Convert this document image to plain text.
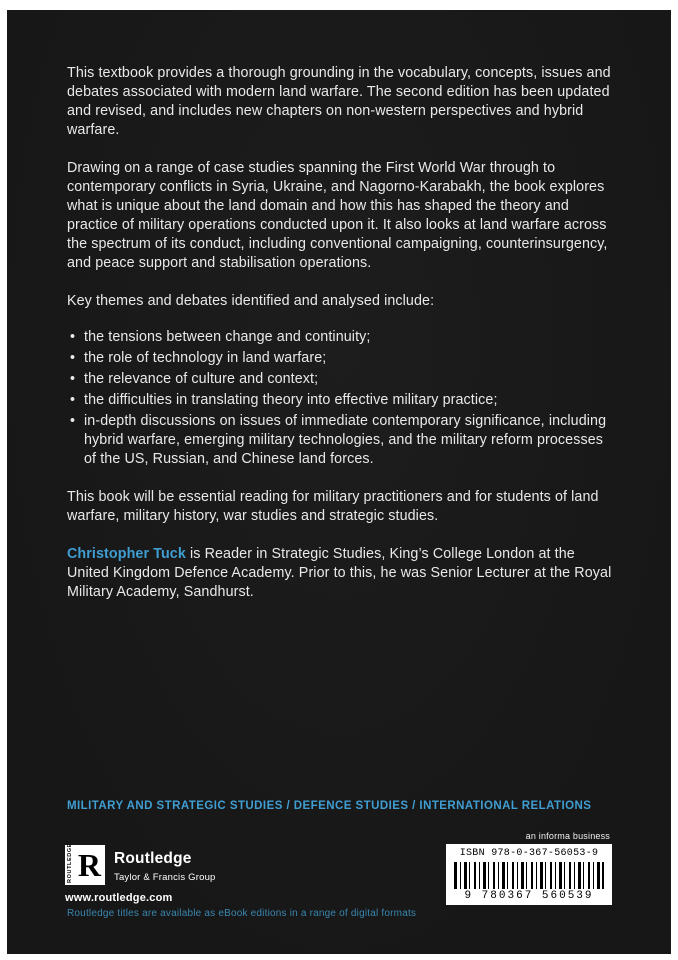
This textbook provides a thorough grounding in the vocabulary, concepts, issues and debates associated with modern land warfare. The second edition has been updated and revised, and includes new chapters on non-western perspectives and hybrid warfare.

Drawing on a range of case studies spanning the First World War through to contemporary conflicts in Syria, Ukraine, and Nagorno-Karabakh, the book explores what is unique about the land domain and how this has shaped the theory and practice of military operations conducted upon it. It also looks at land warfare across the spectrum of its conduct, including conventional campaigning, counterinsurgency, and peace support and stabilisation operations.

Key themes and debates identified and analysed include:

• the tensions between change and continuity;
• the role of technology in land warfare;
• the relevance of culture and context;
• the difficulties in translating theory into effective military practice;
• in-depth discussions on issues of immediate contemporary significance, including hybrid warfare, emerging military technologies, and the military reform processes of the US, Russian, and Chinese land forces.

This book will be essential reading for military practitioners and for students of land warfare, military history, war studies and strategic studies.

Christopher Tuck is Reader in Strategic Studies, King’s College London at the United Kingdom Defence Academy. Prior to this, he was Senior Lecturer at the Royal Military Academy, Sandhurst.

MILITARY AND STRATEGIC STUDIES / DEFENCE STUDIES / INTERNATIONAL RELATIONS
ROUTLEDGE R Routledge
Taylor & Francis Group
www.routledge.com
an informa business
ISBN 978-0-367-56053-9
9 780367 560539
Routledge titles are available as eBook editions in a range of digital formats
